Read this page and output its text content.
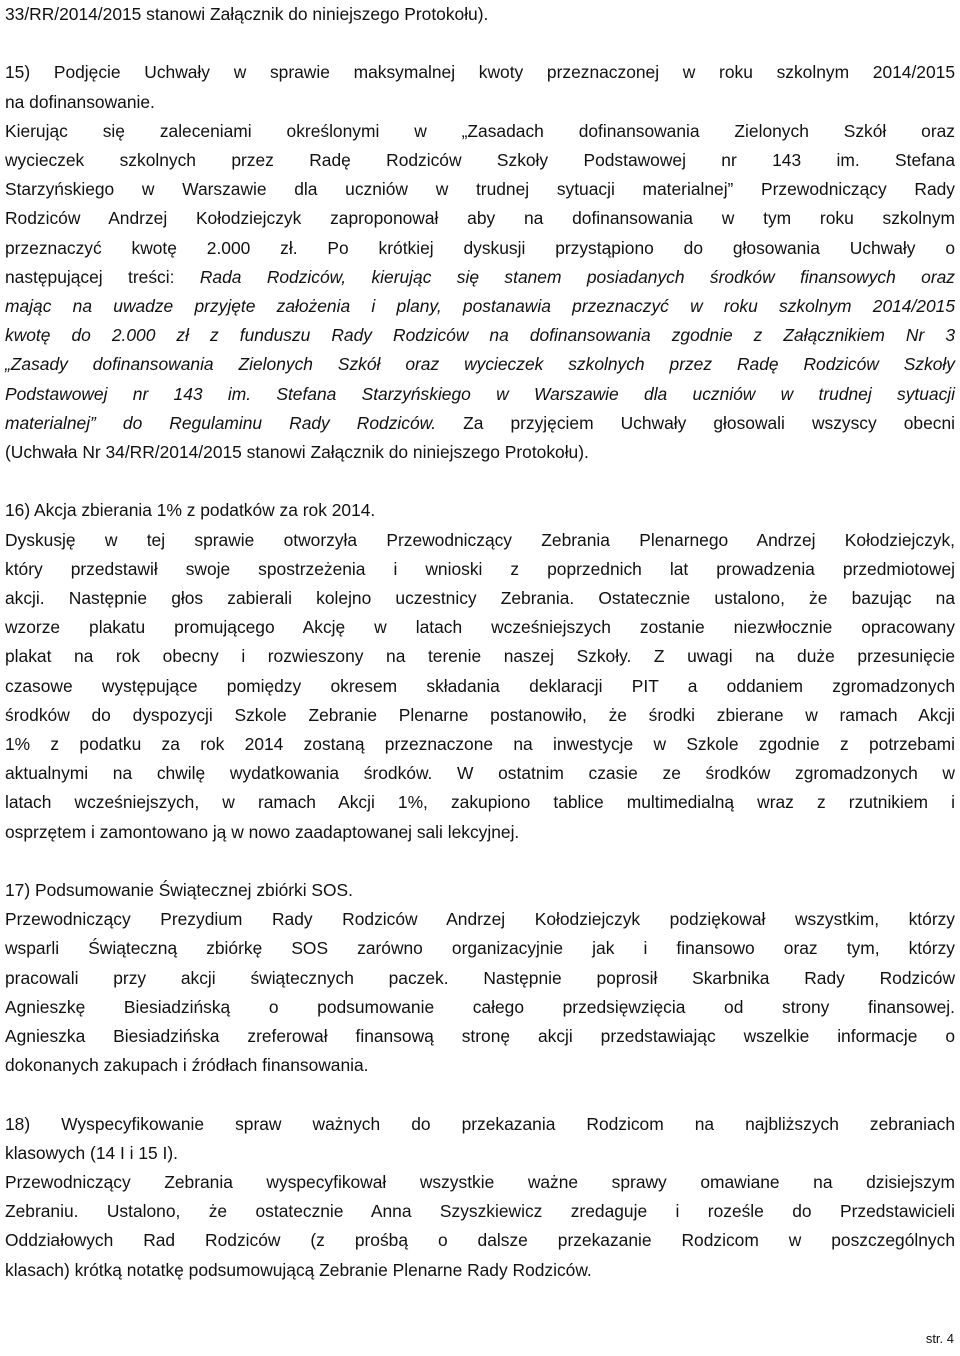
33/RR/2014/2015 stanowi Załącznik do niniejszego Protokołu).
15) Podjęcie Uchwały w sprawie maksymalnej kwoty przeznaczonej w roku szkolnym 2014/2015
na dofinansowanie.
Kierując się zaleceniami określonymi w „Zasadach dofinansowania Zielonych Szkół oraz
wycieczek szkolnych przez Radę Rodziców Szkoły Podstawowej nr 143 im. Stefana
Starzyńskiego w Warszawie dla uczniów w trudnej sytuacji materialnej” Przewodniczący Rady
Rodziców Andrzej Kołodziejczyk zaproponował aby na dofinansowania w tym roku szkolnym
przeznaczyć kwotę 2.000 zł. Po krótkiej dyskusji przystąpiono do głosowania Uchwały o
następującej treści: Rada Rodziców, kierując się stanem posiadanych środków finansowych oraz
mając na uwadze przyjęte założenia i plany, postanawia przeznaczyć w roku szkolnym 2014/2015
kwotę do 2.000 zł z funduszu Rady Rodziców na dofinansowania zgodnie z Załącznikiem Nr 3
„Zasady dofinansowania Zielonych Szkół oraz wycieczek szkolnych przez Radę Rodziców Szkoły
Podstawowej nr 143 im. Stefana Starzyńskiego w Warszawie dla uczniów w trudnej sytuacji
materialnej” do Regulaminu Rady Rodziców. Za przyjęciem Uchwały głosowali wszyscy obecni
(Uchwała Nr 34/RR/2014/2015 stanowi Załącznik do niniejszego Protokołu).
16) Akcja zbierania 1% z podatków za rok 2014.
Dyskusję w tej sprawie otworzyła Przewodniczący Zebrania Plenarnego Andrzej Kołodziejczyk,
który przedstawił swoje spostrzeżenia i wnioski z poprzednich lat prowadzenia przedmiotowej
akcji. Następnie głos zabierali kolejno uczestnicy Zebrania. Ostatecznie ustalono, że bazując na
wzorze plakatu promującego Akcję w latach wcześniejszych zostanie niezwłocznie opracowany
plakat na rok obecny i rozwieszony na terenie naszej Szkoły. Z uwagi na duże przesunięcie
czasowe występujące pomiędzy okresem składania deklaracji PIT a oddaniem zgromadzonych
środków do dyspozycji Szkole Zebranie Plenarne postanowiło, że środki zbierane w ramach Akcji
1% z podatku za rok 2014 zostaną przeznaczone na inwestycje w Szkole zgodnie z potrzebami
aktualnymi na chwilę wydatkowania środków. W ostatnim czasie ze środków zgromadzonych w
latach wcześniejszych, w ramach Akcji 1%, zakupiono tablice multimedialną wraz z rzutnikiem i
osprzętem i zamontowano ją w nowo zaadaptowanej sali lekcyjnej.
17) Podsumowanie Świątecznej zbiórki SOS.
Przewodniczący Prezydium Rady Rodziców Andrzej Kołodziejczyk podziękował wszystkim, którzy
wsparli Świąteczną zbiórkę SOS zarówno organizacyjnie jak i finansowo oraz tym, którzy
pracowali przy akcji świątecznych paczek. Następnie poprosił Skarbnika Rady Rodziców
Agnieszkę Biesiadzińską o podsumowanie całego przedsięwzięcia od strony finansowej.
Agnieszka Biesiadzińska zreferował finansową stronę akcji przedstawiając wszelkie informacje o
dokonanych zakupach i źródłach finansowania.
18) Wyspecyfikowanie spraw ważnych do przekazania Rodzicom na najbliższych zebraniach
klasowych (14 I i 15 I).
Przewodniczący Zebrania wyspecyfikował wszystkie ważne sprawy omawiane na dzisiejszym
Zebraniu. Ustalono, że ostatecznie Anna Szyszkiewicz zredaguje i roześle do Przedstawicieli
Oddziałowych Rad Rodziców (z prośbą o dalsze przekazanie Rodzicom w poszczególnych
klasach) krótką notatkę podsumowującą Zebranie Plenarne Rady Rodziców.
str. 4
